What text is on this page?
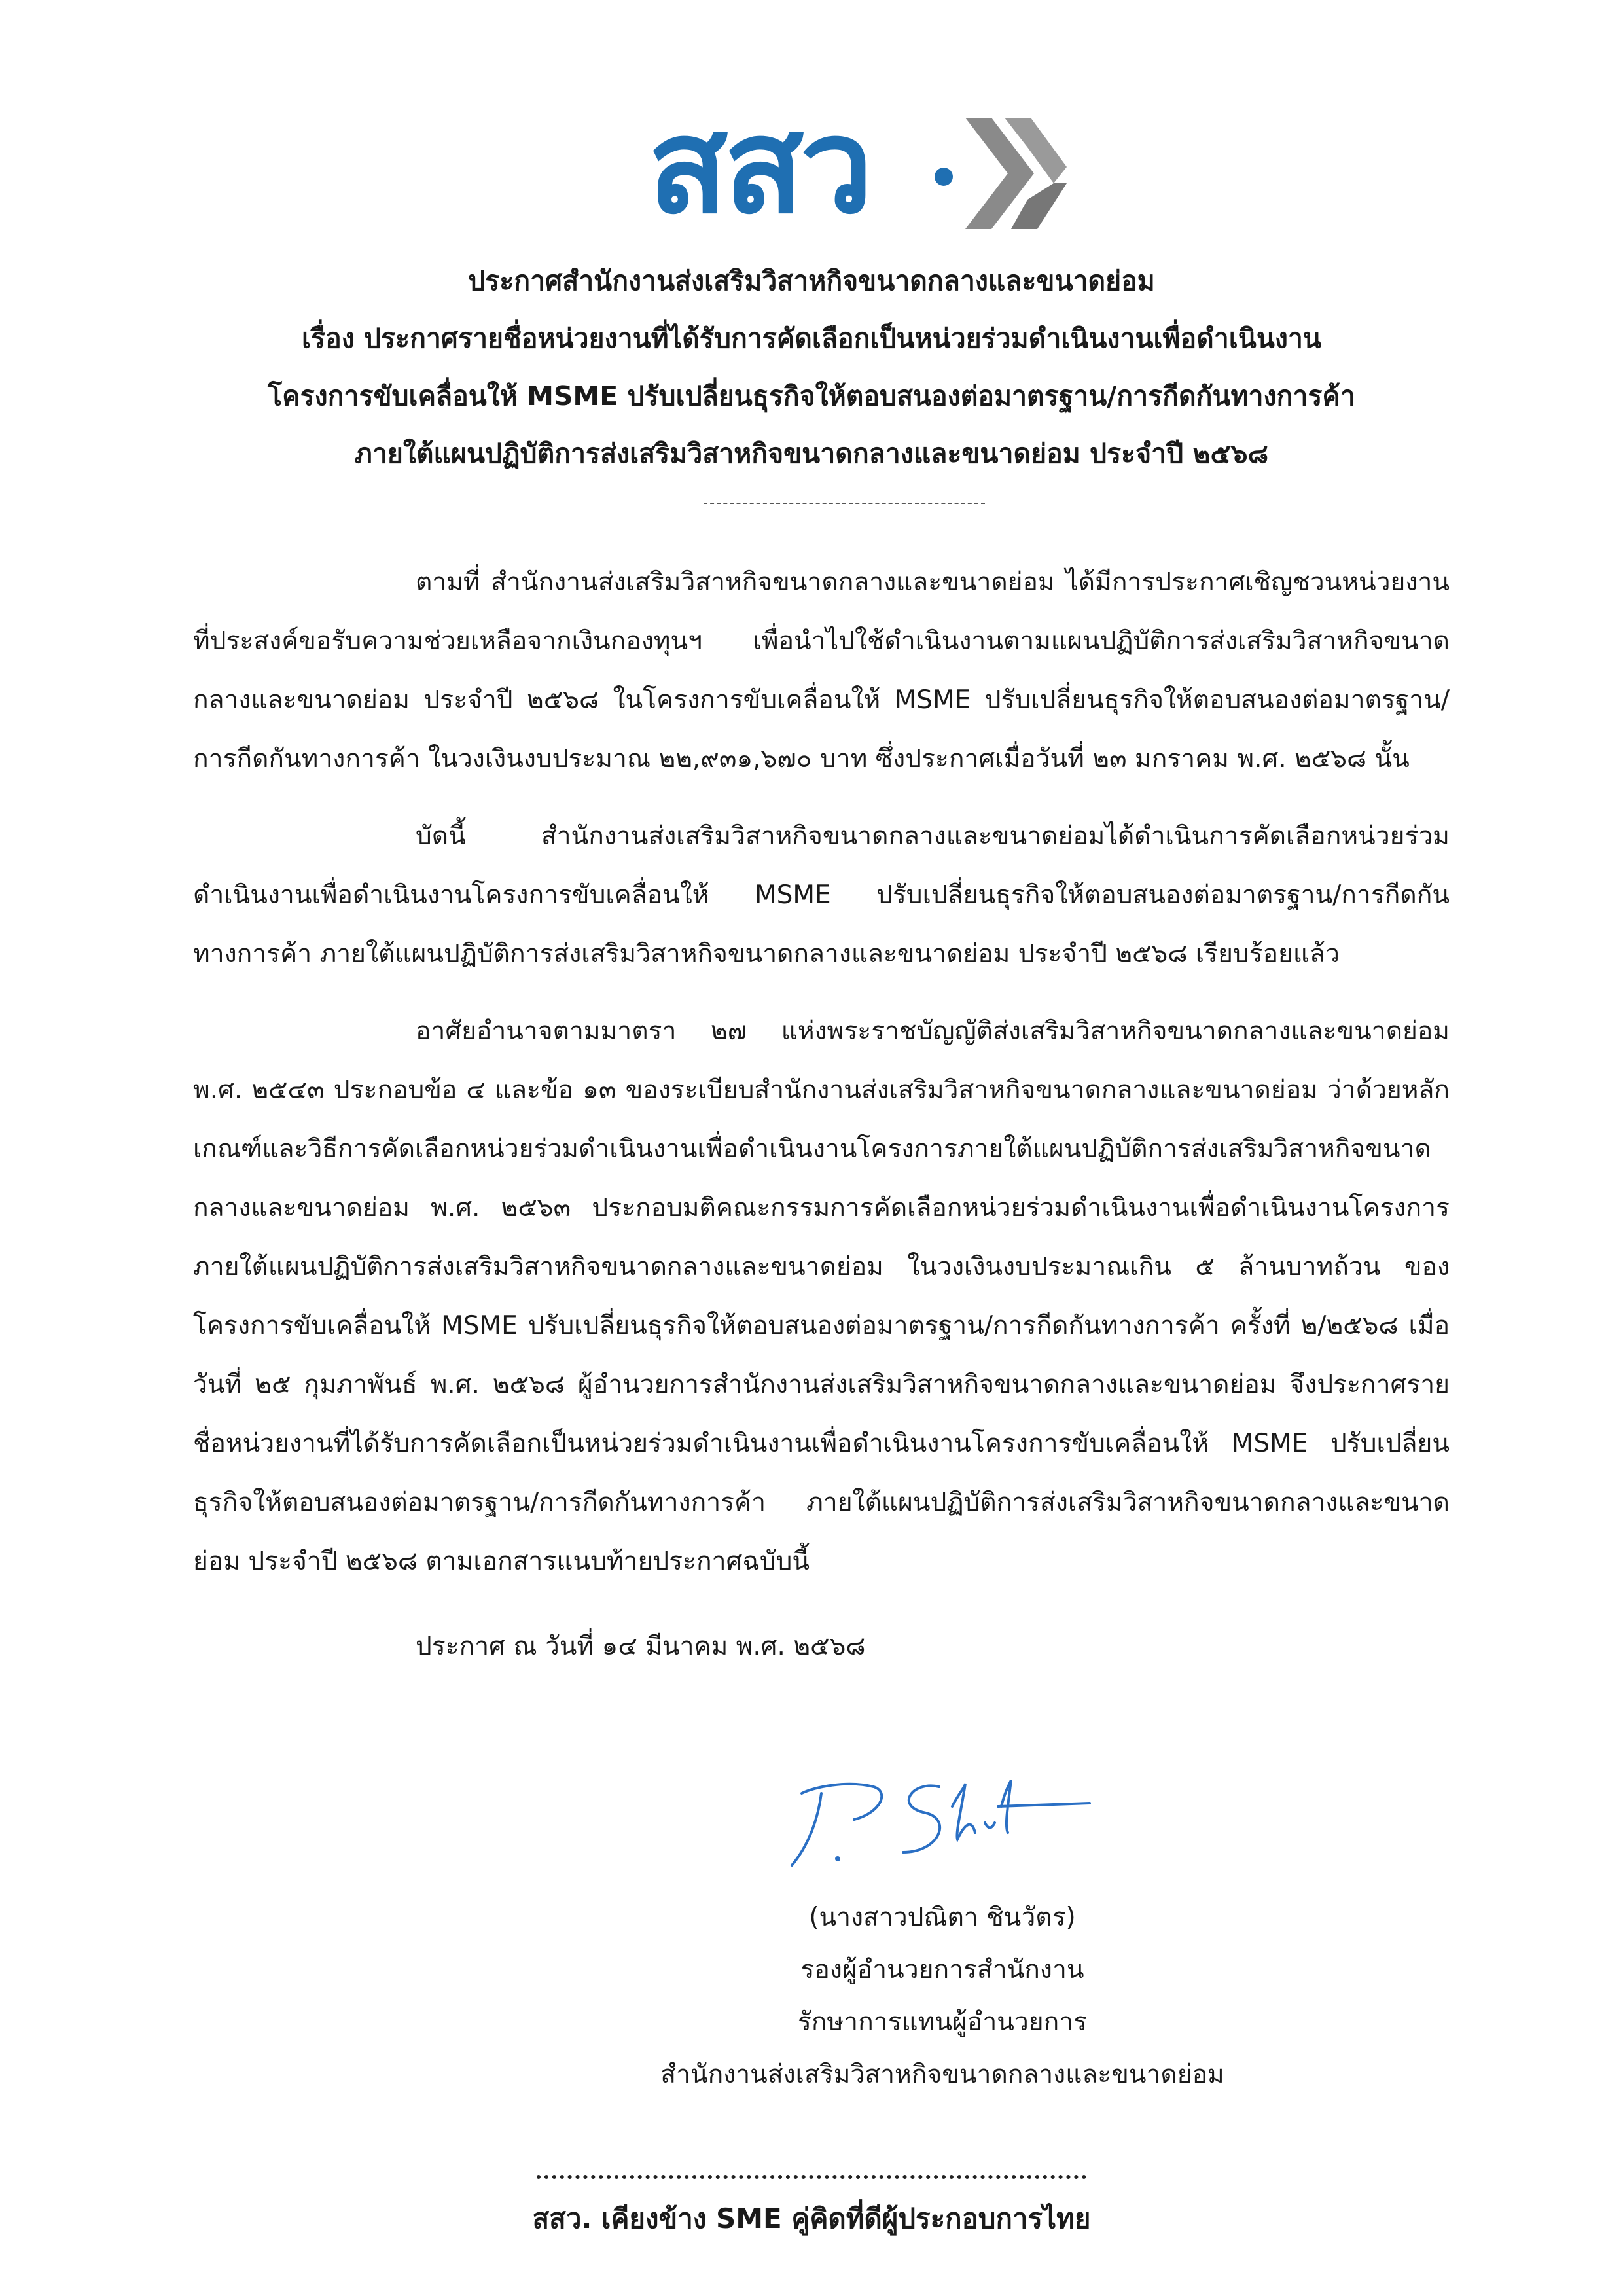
สสว
ประกาศสำนักงานส่งเสริมวิสาหกิจขนาดกลางและขนาดย่อม
เรื่อง ประกาศรายชื่อหน่วยงานที่ได้รับการคัดเลือกเป็นหน่วยร่วมดำเนินงานเพื่อดำเนินงาน
โครงการขับเคลื่อนให้ MSME ปรับเปลี่ยนธุรกิจให้ตอบสนองต่อมาตรฐาน/การกีดกันทางการค้า
ภายใต้แผนปฏิบัติการส่งเสริมวิสาหกิจขนาดกลางและขนาดย่อม ประจำปี ๒๕๖๘

ตามที่ สำนักงานส่งเสริมวิสาหกิจขนาดกลางและขนาดย่อม ได้มีการประกาศเชิญชวนหน่วยงานที่ประสงค์ขอรับความช่วยเหลือจากเงินกองทุนฯ เพื่อนำไปใช้ดำเนินงานตามแผนปฏิบัติการส่งเสริมวิสาหกิจขนาดกลางและขนาดย่อม ประจำปี ๒๕๖๘ ในโครงการขับเคลื่อนให้ MSME ปรับเปลี่ยนธุรกิจให้ตอบสนองต่อมาตรฐาน/การกีดกันทางการค้า ในวงเงินงบประมาณ ๒๒,๙๓๑,๖๗๐ บาท ซึ่งประกาศเมื่อวันที่ ๒๓ มกราคม พ.ศ. ๒๕๖๘ นั้น

บัดนี้ สำนักงานส่งเสริมวิสาหกิจขนาดกลางและขนาดย่อมได้ดำเนินการคัดเลือกหน่วยร่วมดำเนินงานเพื่อดำเนินงานโครงการขับเคลื่อนให้ MSME ปรับเปลี่ยนธุรกิจให้ตอบสนองต่อมาตรฐาน/การกีดกันทางการค้า ภายใต้แผนปฏิบัติการส่งเสริมวิสาหกิจขนาดกลางและขนาดย่อม ประจำปี ๒๕๖๘ เรียบร้อยแล้ว

อาศัยอำนาจตามมาตรา ๒๗ แห่งพระราชบัญญัติส่งเสริมวิสาหกิจขนาดกลางและขนาดย่อม พ.ศ. ๒๕๔๓ ประกอบข้อ ๔ และข้อ ๑๓ ของระเบียบสำนักงานส่งเสริมวิสาหกิจขนาดกลางและขนาดย่อม ว่าด้วยหลักเกณฑ์และวิธีการคัดเลือกหน่วยร่วมดำเนินงานเพื่อดำเนินงานโครงการภายใต้แผนปฏิบัติการส่งเสริมวิสาหกิจขนาดกลางและขนาดย่อม พ.ศ. ๒๕๖๓ ประกอบมติคณะกรรมการคัดเลือกหน่วยร่วมดำเนินงานเพื่อดำเนินงานโครงการภายใต้แผนปฏิบัติการส่งเสริมวิสาหกิจขนาดกลางและขนาดย่อม ในวงเงินงบประมาณเกิน ๕ ล้านบาทถ้วน ของโครงการขับเคลื่อนให้ MSME ปรับเปลี่ยนธุรกิจให้ตอบสนองต่อมาตรฐาน/การกีดกันทางการค้า ครั้งที่ ๒/๒๕๖๘ เมื่อวันที่ ๒๕ กุมภาพันธ์ พ.ศ. ๒๕๖๘ ผู้อำนวยการสำนักงานส่งเสริมวิสาหกิจขนาดกลางและขนาดย่อม จึงประกาศรายชื่อหน่วยงานที่ได้รับการคัดเลือกเป็นหน่วยร่วมดำเนินงานเพื่อดำเนินงานโครงการขับเคลื่อนให้ MSME ปรับเปลี่ยนธุรกิจให้ตอบสนองต่อมาตรฐาน/การกีดกันทางการค้า ภายใต้แผนปฏิบัติการส่งเสริมวิสาหกิจขนาดกลางและขนาดย่อม ประจำปี ๒๕๖๘ ตามเอกสารแนบท้ายประกาศฉบับนี้

ประกาศ ณ วันที่ ๑๔ มีนาคม พ.ศ. ๒๕๖๘
(นางสาวปณิตา ชินวัตร)
รองผู้อำนวยการสำนักงาน
รักษาการแทนผู้อำนวยการ
สำนักงานส่งเสริมวิสาหกิจขนาดกลางและขนาดย่อม
สสว. เคียงข้าง SME คู่คิดที่ดีผู้ประกอบการไทย
